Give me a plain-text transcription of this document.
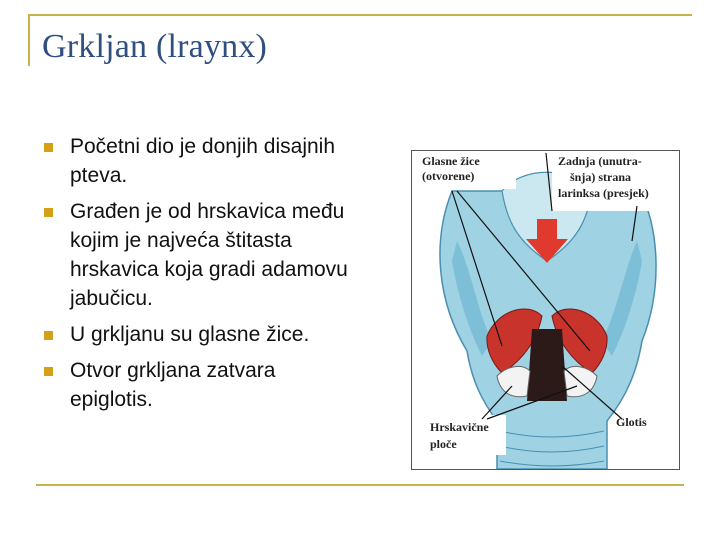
Grkljan (lraynx)
Početni dio je donjih disajnih pteva.
Građen je od hrskavica među kojim je najveća štitasta hrskavica koja gradi adamovu jabučicu.
U grkljanu su glasne žice.
Otvor grkljana zatvara epiglotis.
Glasne žice
(otvorene)
Zadnja (unutra-
šnja) strana
larinksa (presjek)
Hrskavične
ploče
Glotis
